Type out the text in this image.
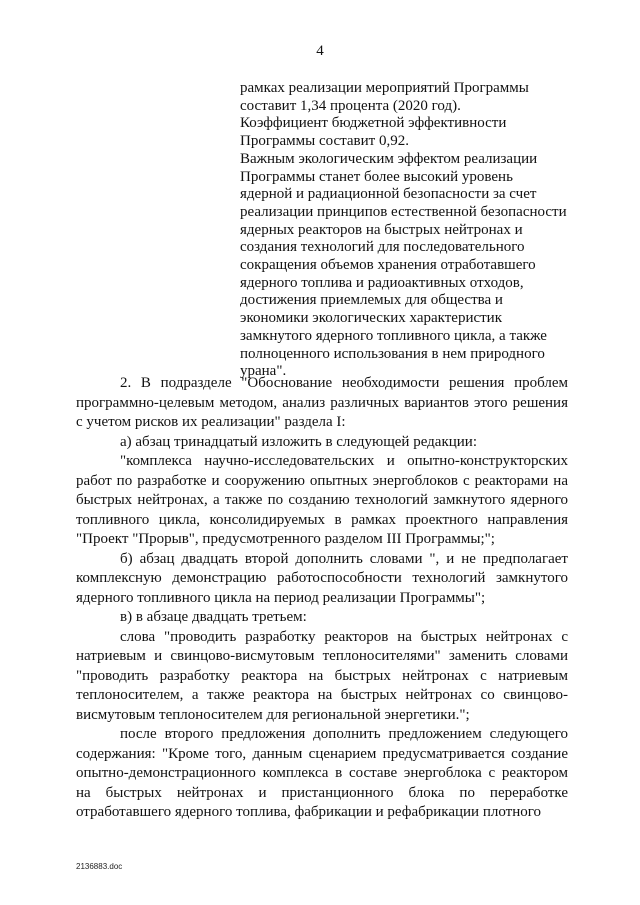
4
рамках реализации мероприятий Программы
составит 1,34 процента (2020 год).
Коэффициент бюджетной эффективности
Программы составит 0,92.
Важным экологическим эффектом реализации
Программы станет более высокий уровень
ядерной и радиационной безопасности за счет
реализации принципов естественной безопасности
ядерных реакторов на быстрых нейтронах и
создания технологий для последовательного
сокращения объемов хранения отработавшего
ядерного топлива и радиоактивных отходов,
достижения приемлемых для общества и
экономики экологических характеристик
замкнутого ядерного топливного цикла, а также
полноценного использования в нем природного
урана".

2. В подразделе "Обоснование необходимости решения проблем программно-целевым методом, анализ различных вариантов этого решения с учетом рисков их реализации" раздела I:

а) абзац тринадцатый изложить в следующей редакции:

"комплекса научно-исследовательских и опытно-конструкторских работ по разработке и сооружению опытных энергоблоков с реакторами на быстрых нейтронах, а также по созданию технологий замкнутого ядерного топливного цикла, консолидируемых в рамках проектного направления "Проект "Прорыв", предусмотренного разделом III Программы;";

б) абзац двадцать второй дополнить словами ", и не предполагает комплексную демонстрацию работоспособности технологий замкнутого ядерного топливного цикла на период реализации Программы";

в) в абзаце двадцать третьем:

слова "проводить разработку реакторов на быстрых нейтронах с натриевым и свинцово-висмутовым теплоносителями" заменить словами "проводить разработку реактора на быстрых нейтронах с натриевым теплоносителем, а также реактора на быстрых нейтронах со свинцово-висмутовым теплоносителем для региональной энергетики.";

после второго предложения дополнить предложением следующего содержания: "Кроме того, данным сценарием предусматривается создание опытно-демонстрационного комплекса в составе энергоблока с реактором на быстрых нейтронах и пристанционного блока по переработке отработавшего ядерного топлива, фабрикации и рефабрикации плотного

2136883.doc
